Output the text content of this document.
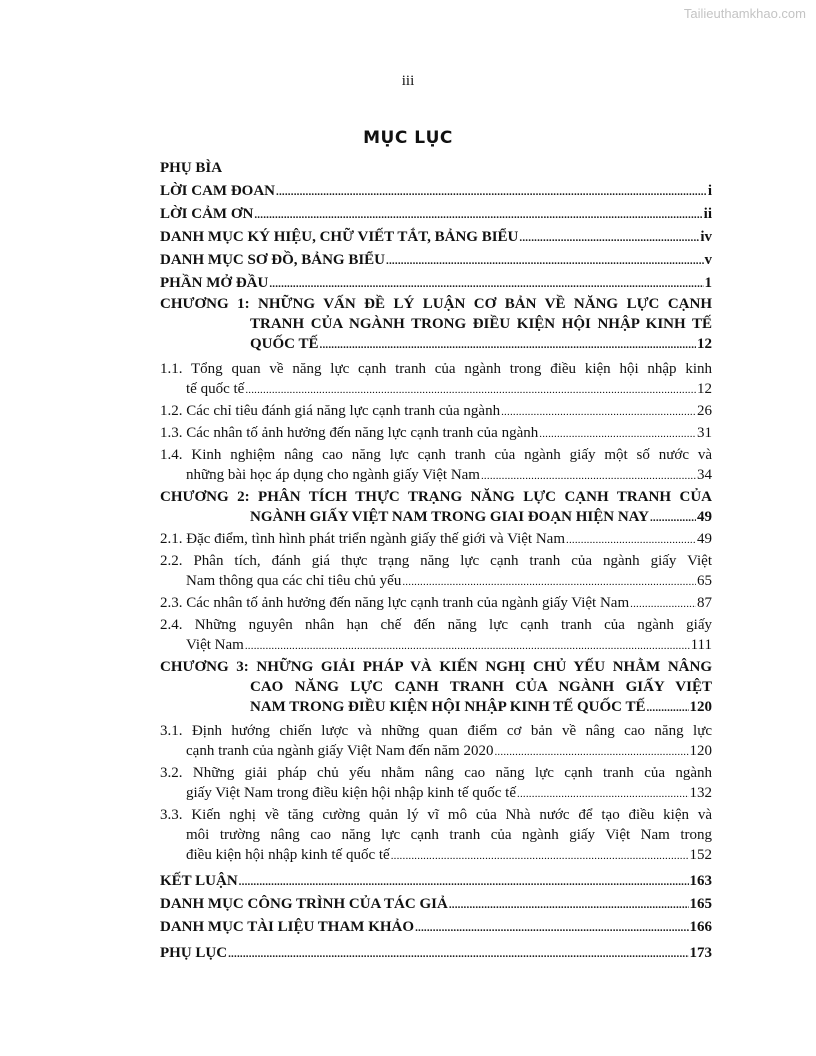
Tailieuthamkhao.com
iii
MỤC LỤC
PHỤ BÌA
LỜI CAM ĐOAN .....	i
LỜI CẢM ƠN .....	ii
DANH MỤC KÝ HIỆU, CHỮ VIẾT TẮT, BẢNG BIỂU .....	iv
DANH MỤC SƠ ĐỒ, BẢNG BIỂU .....	v
PHẦN MỞ ĐẦU .....	1
CHƯƠNG 1: NHỮNG VẤN ĐỀ LÝ LUẬN CƠ BẢN VỀ NĂNG LỰC CẠNH
TRANH CỦA NGÀNH TRONG ĐIỀU KIỆN HỘI NHẬP KINH TẾ
QUỐC TẾ .....	12
1.1. Tổng quan về năng lực cạnh tranh của ngành trong điều kiện hội nhập kinh
tế quốc tế .....	12
1.2. Các chỉ tiêu đánh giá năng lực cạnh tranh của ngành .....	26
1.3. Các nhân tố ảnh hưởng đến năng lực cạnh tranh của ngành .....	31
1.4. Kinh nghiệm nâng cao năng lực cạnh tranh của ngành giấy một số nước và
những bài học áp dụng cho ngành giấy Việt Nam .....	34
CHƯƠNG 2: PHÂN TÍCH THỰC TRẠNG NĂNG LỰC CẠNH TRANH CỦA
NGÀNH GIẤY VIỆT NAM TRONG GIAI ĐOẠN HIỆN NAY .....	49
2.1. Đặc điểm, tình hình phát triển ngành giấy thế giới và Việt Nam .....	49
2.2. Phân tích, đánh giá thực trạng năng lực cạnh tranh của ngành giấy Việt
Nam thông qua các chỉ tiêu chủ yếu .....	65
2.3. Các nhân tố ảnh hưởng đến năng lực cạnh tranh của ngành giấy Việt Nam .....	87
2.4. Những nguyên nhân hạn chế đến năng lực cạnh tranh của ngành giấy
Việt Nam .....	111
CHƯƠNG 3: NHỮNG GIẢI PHÁP VÀ KIẾN NGHỊ CHỦ YẾU NHẰM NÂNG
CAO NĂNG LỰC CẠNH TRANH CỦA NGÀNH GIẤY VIỆT
NAM TRONG ĐIỀU KIỆN HỘI NHẬP KINH TẾ QUỐC TẾ .....	120
3.1. Định hướng chiến lược và những quan điểm cơ bản về nâng cao năng lực
cạnh tranh của ngành giấy Việt Nam đến năm 2020 .....	120
3.2. Những giải pháp chủ yếu nhằm nâng cao năng lực cạnh tranh của ngành
giấy Việt Nam trong điều kiện hội nhập kinh tế quốc tế .....	132
3.3. Kiến nghị về tăng cường quản lý vĩ mô của Nhà nước để tạo điều kiện và
môi trường nâng cao năng lực cạnh tranh của ngành giấy Việt Nam trong
điều kiện hội nhập kinh tế quốc tế .....	152
KẾT LUẬN .....	163
DANH MỤC CÔNG TRÌNH CỦA TÁC GIẢ .....	165
DANH MỤC TÀI LIỆU THAM KHẢO .....	166
PHỤ LỤC .....	173
